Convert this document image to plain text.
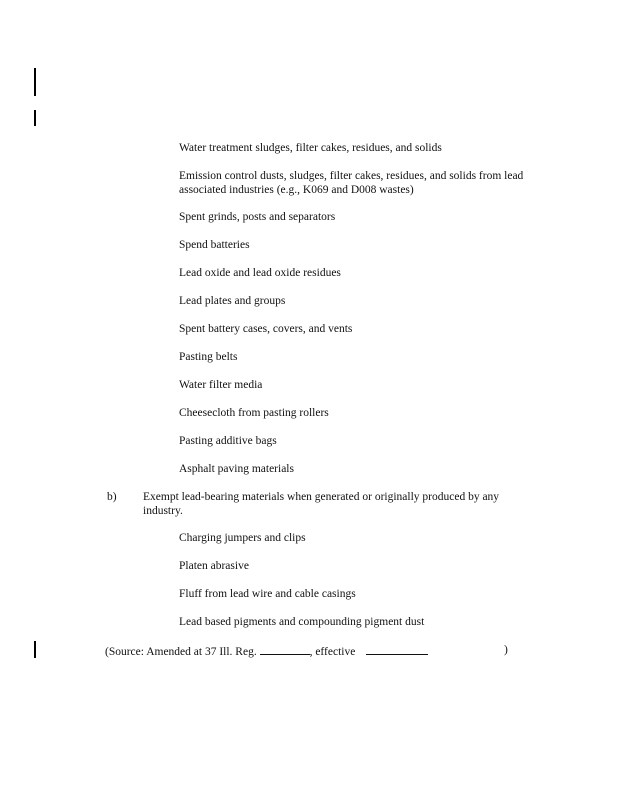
Water treatment sludges, filter cakes, residues, and solids
Emission control dusts, sludges, filter cakes, residues, and solids from lead associated industries (e.g., K069 and D008 wastes)
Spent grinds, posts and separators
Spend batteries
Lead oxide and lead oxide residues
Lead plates and groups
Spent battery cases, covers, and vents
Pasting belts
Water filter media
Cheesecloth from pasting rollers
Pasting additive bags
Asphalt paving materials
b) Exempt lead-bearing materials when generated or originally produced by any industry.
Charging jumpers and clips
Platen abrasive
Fluff from lead wire and cable casings
Lead based pigments and compounding pigment dust
(Source: Amended at 37 Ill. Reg.	, effective	)
